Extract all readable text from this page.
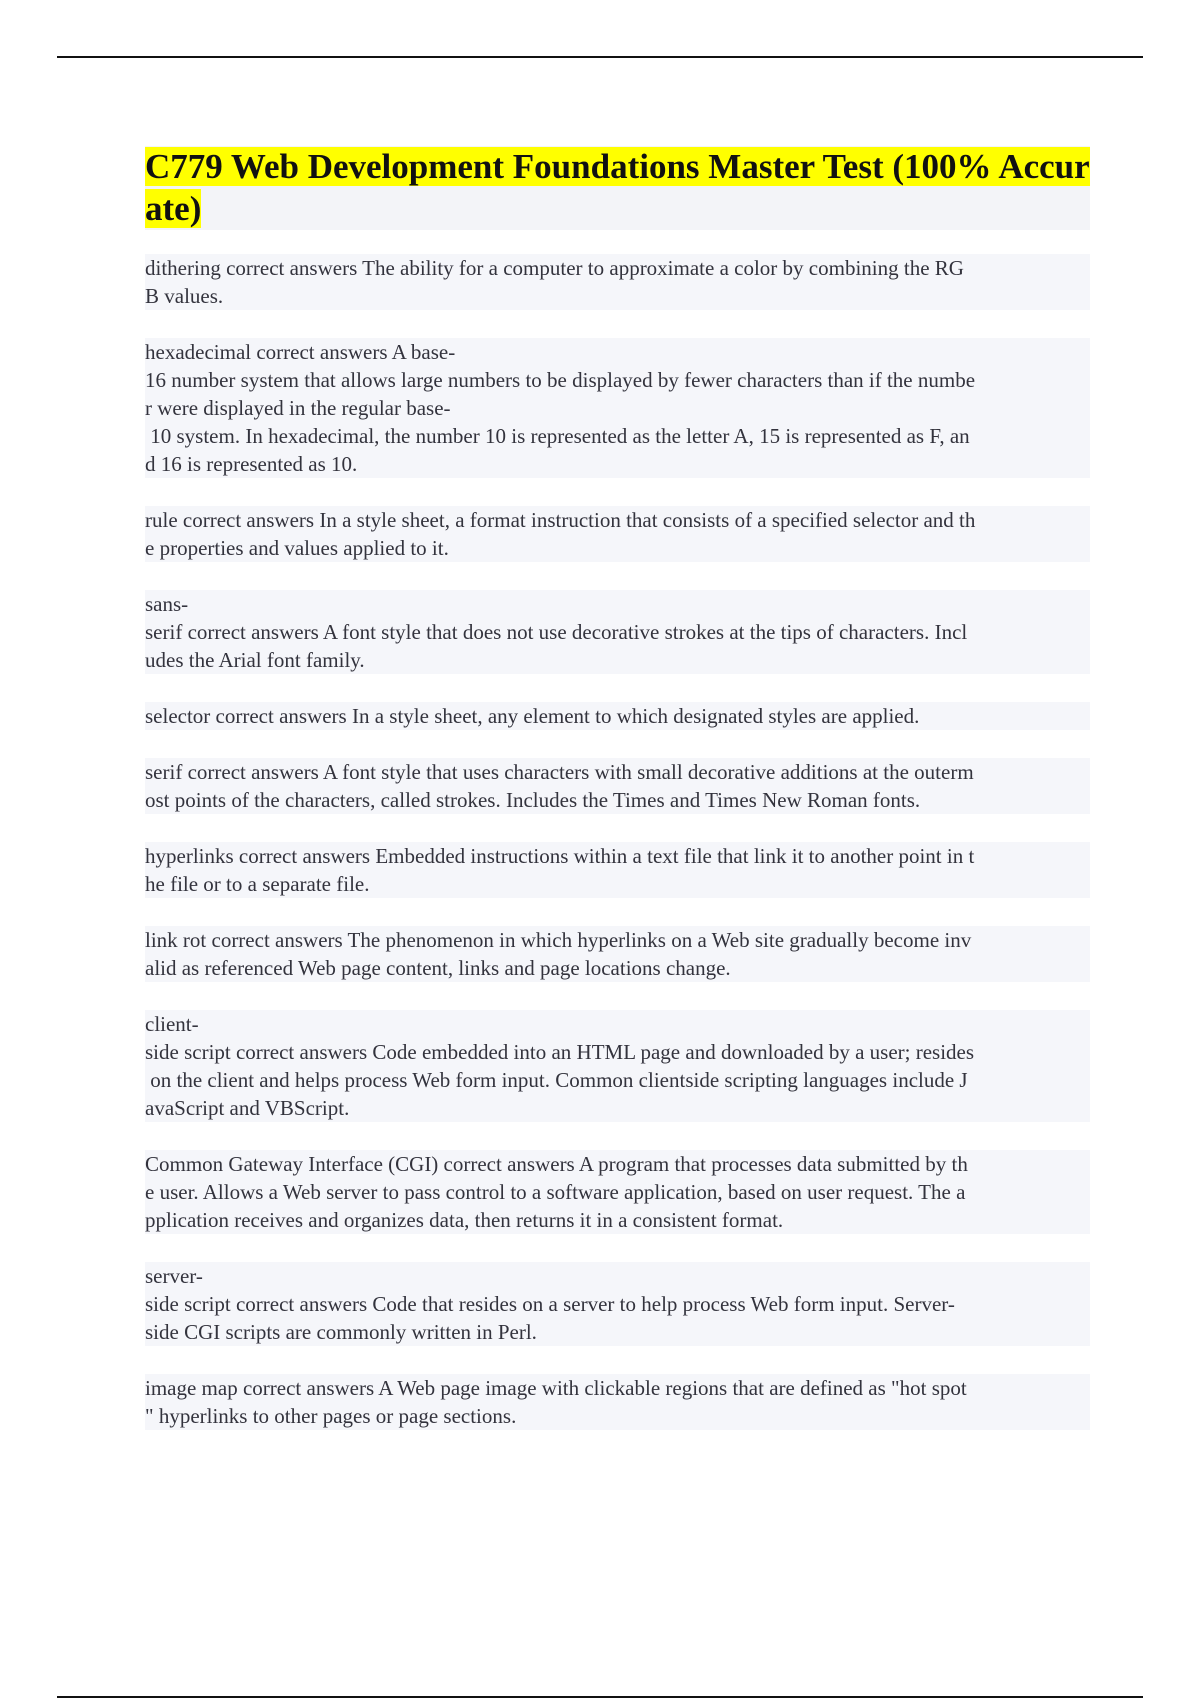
C779 Web Development Foundations Master Test (100% Accurate)

dithering correct answers The ability for a computer to approximate a color by combining the RG
B values.

hexadecimal correct answers A base-
16 number system that allows large numbers to be displayed by fewer characters than if the numbe
r were displayed in the regular base-
10 system. In hexadecimal, the number 10 is represented as the letter A, 15 is represented as F, an
d 16 is represented as 10.

rule correct answers In a style sheet, a format instruction that consists of a specified selector and th
e properties and values applied to it.

sans-
serif correct answers A font style that does not use decorative strokes at the tips of characters. Incl
udes the Arial font family.

selector correct answers In a style sheet, any element to which designated styles are applied.

serif correct answers A font style that uses characters with small decorative additions at the outerm
ost points of the characters, called strokes. Includes the Times and Times New Roman fonts.

hyperlinks correct answers Embedded instructions within a text file that link it to another point in t
he file or to a separate file.

link rot correct answers The phenomenon in which hyperlinks on a Web site gradually become inv
alid as referenced Web page content, links and page locations change.

client-
side script correct answers Code embedded into an HTML page and downloaded by a user; resides
on the client and helps process Web form input. Common clientside scripting languages include J
avaScript and VBScript.

Common Gateway Interface (CGI) correct answers A program that processes data submitted by th
e user. Allows a Web server to pass control to a software application, based on user request. The a
pplication receives and organizes data, then returns it in a consistent format.

server-
side script correct answers Code that resides on a server to help process Web form input. Server-
side CGI scripts are commonly written in Perl.

image map correct answers A Web page image with clickable regions that are defined as "hot spot
" hyperlinks to other pages or page sections.
